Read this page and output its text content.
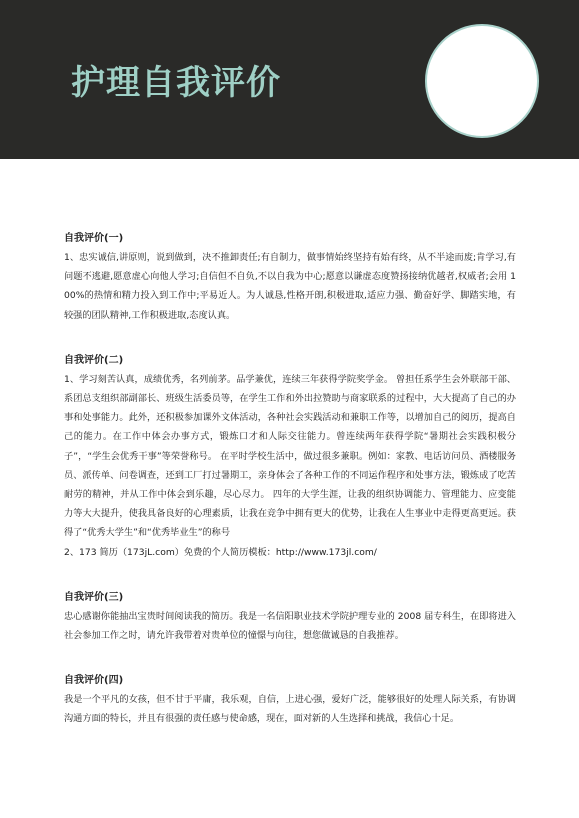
护理自我评价
自我评价(一)

1、忠实诚信,讲原则，说到做到，决不推卸责任;有自制力，做事情始终坚持有始有终，从不半途而废;肯学习,有问题不逃避,愿意虚心向他人学习;自信但不自负,不以自我为中心;愿意以谦虚态度赞扬接纳优越者,权威者;会用 100%的热情和精力投入到工作中;平易近人。为人诚恳,性格开朗,积极进取,适应力强、勤奋好学、脚踏实地，有较强的团队精神,工作积极进取,态度认真。

自我评价(二)

1、学习刻苦认真，成绩优秀，名列前茅。品学兼优，连续三年获得学院奖学金。 曾担任系学生会外联部干部、系团总支组织部副部长、班级生活委员等，在学生工作和外出拉赞助与商家联系的过程中，大大提高了自己的办事和处事能力。此外，还积极参加课外文体活动，各种社会实践活动和兼职工作等，以增加自己的阅历，提高自己的能力。在工作中体会办事方式，锻炼口才和人际交往能力。曾连续两年获得学院“暑期社会实践积极分子”，“学生会优秀干事”等荣誉称号。 在平时学校生活中，做过很多兼职。例如：家教、电话访问员、酒楼服务员、派传单、问卷调查，还到工厂打过暑期工，亲身体会了各种工作的不同运作程序和处事方法，锻炼成了吃苦耐劳的精神，并从工作中体会到乐趣，尽心尽力。 四年的大学生涯，让我的组织协调能力、管理能力、应变能力等大大提升，使我具备良好的心理素质，让我在竞争中拥有更大的优势，让我在人生事业中走得更高更远。获得了“优秀大学生”和“优秀毕业生”的称号

2、173 简历（173jL.com）免费的个人简历模板：http://www.173jl.com/

自我评价(三)

忠心感谢你能抽出宝贵时间阅读我的简历。我是一名信阳职业技术学院护理专业的 2008 届专科生，在即将进入社会参加工作之时，请允许我带着对贵单位的憧憬与向往，想您做诚恳的自我推荐。

自我评价(四)

我是一个平凡的女孩，但不甘于平庸，我乐观，自信，上进心强，爱好广泛，能够很好的处理人际关系，有协调沟通方面的特长，并且有很强的责任感与使命感，现在，面对新的人生选择和挑战，我信心十足。
